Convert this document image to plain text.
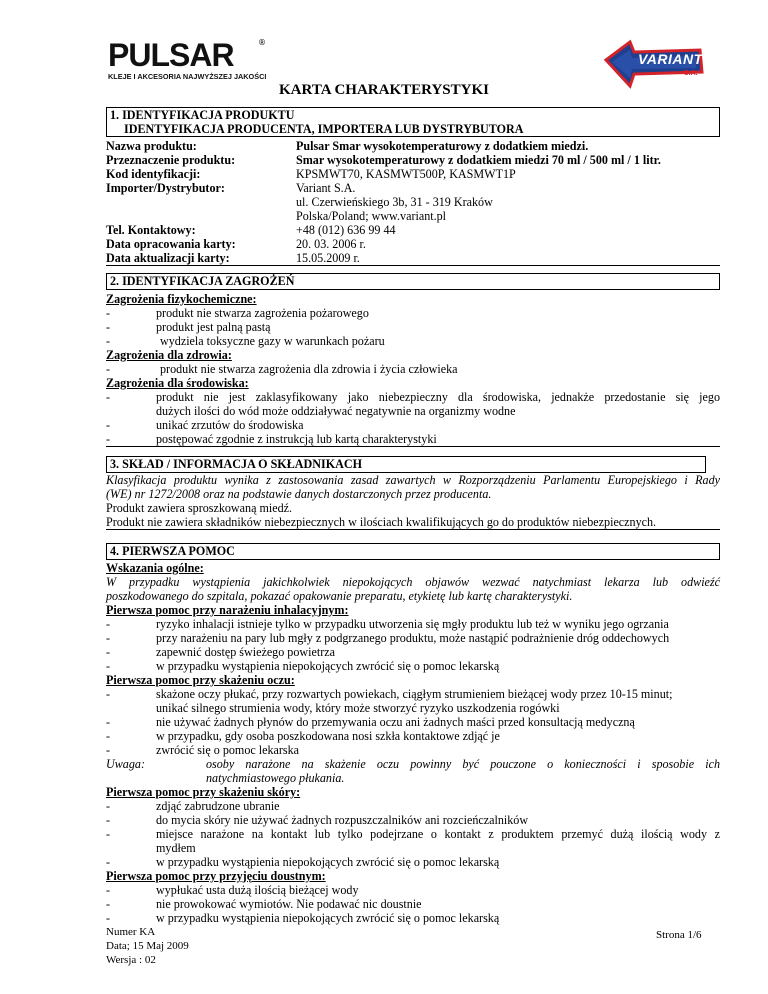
PULSAR	®
KLEJE I AKCESORIA NAJWYŻSZEJ JAKOŚCI
VARIANT
S.A.
KARTA CHARAKTERYSTYKI
1. IDENTYFIKACJA PRODUKTU
IDENTYFIKACJA PRODUCENTA, IMPORTERA LUB DYSTRYBUTORA
Nazwa produktu:	Pulsar Smar wysokotemperaturowy z dodatkiem miedzi.
Przeznaczenie produktu:	Smar wysokotemperaturowy z dodatkiem miedzi 70 ml / 500 ml / 1 litr.
Kod identyfikacji:	KPSMWT70, KASMWT500P, KASMWT1P
Importer/Dystrybutor:	Variant S.A.
ul. Czerwieńskiego 3b, 31 - 319 Kraków
Polska/Poland; www.variant.pl
Tel. Kontaktowy:	+48 (012) 636 99 44
Data opracowania karty:	20. 03. 2006 r.
Data aktualizacji karty:	15.05.2009 r.
2. IDENTYFIKACJA ZAGROŻEŃ
Zagrożenia fizykochemiczne:
-	produkt nie stwarza zagrożenia pożarowego
-	produkt jest palną pastą
-	wydziela toksyczne gazy w warunkach pożaru
Zagrożenia dla zdrowia:
-	produkt nie stwarza zagrożenia dla zdrowia i życia człowieka
Zagrożenia dla środowiska:
-	produkt nie jest zaklasyfikowany jako niebezpieczny dla środowiska, jednakże przedostanie się jego
dużych ilości do wód może oddziaływać negatywnie na organizmy wodne
-	unikać zrzutów do środowiska
-	postępować zgodnie z instrukcją lub kartą charakterystyki
3. SKŁAD / INFORMACJA O SKŁADNIKACH
Klasyfikacja produktu wynika z zastosowania zasad zawartych w Rozporządzeniu Parlamentu Europejskiego i Rady
(WE) nr 1272/2008 oraz na podstawie danych dostarczonych przez producenta.
Produkt zawiera sproszkowaną miedź.
Produkt nie zawiera składników niebezpiecznych w ilościach kwalifikujących go do produktów niebezpiecznych.
4. PIERWSZA POMOC
Wskazania ogólne:
W przypadku wystąpienia jakichkolwiek niepokojących objawów wezwać natychmiast lekarza lub odwieźć
poszkodowanego do szpitala, pokazać opakowanie preparatu, etykietę lub kartę charakterystyki.
Pierwsza pomoc przy narażeniu inhalacyjnym:
-	ryzyko inhalacji istnieje tylko w przypadku utworzenia się mgły produktu lub też w wyniku jego ogrzania
-	przy narażeniu na pary lub mgły z podgrzanego produktu, może nastąpić podrażnienie dróg oddechowych
-	zapewnić dostęp świeżego powietrza
-	w przypadku wystąpienia niepokojących zwrócić się o pomoc lekarską
Pierwsza pomoc przy skażeniu oczu:
-	skażone oczy płukać, przy rozwartych powiekach, ciągłym strumieniem bieżącej wody przez 10-15 minut;
unikać silnego strumienia wody, który może stworzyć ryzyko uszkodzenia rogówki
-	nie używać żadnych płynów do przemywania oczu ani żadnych maści przed konsultacją medyczną
-	w przypadku, gdy osoba poszkodowana nosi szkła kontaktowe zdjąć je
-	zwrócić się o pomoc lekarska
Uwaga:	osoby narażone na skażenie oczu powinny być pouczone o konieczności i sposobie ich
natychmiastowego płukania.
Pierwsza pomoc przy skażeniu skóry:
-	zdjąć zabrudzone ubranie
-	do mycia skóry nie używać żadnych rozpuszczalników ani rozcieńczalników
-	miejsce narażone na kontakt lub tylko podejrzane o kontakt z produktem przemyć dużą ilością wody z
mydłem
-	w przypadku wystąpienia niepokojących zwrócić się o pomoc lekarską
Pierwsza pomoc przy przyjęciu doustnym:
-	wypłukać usta dużą ilością bieżącej wody
-	nie prowokować wymiotów. Nie podawać nic doustnie
-	w przypadku wystąpienia niepokojących zwrócić się o pomoc lekarską
Numer KA
Data; 15 Maj 2009
Wersja : 02
Strona 1/6
